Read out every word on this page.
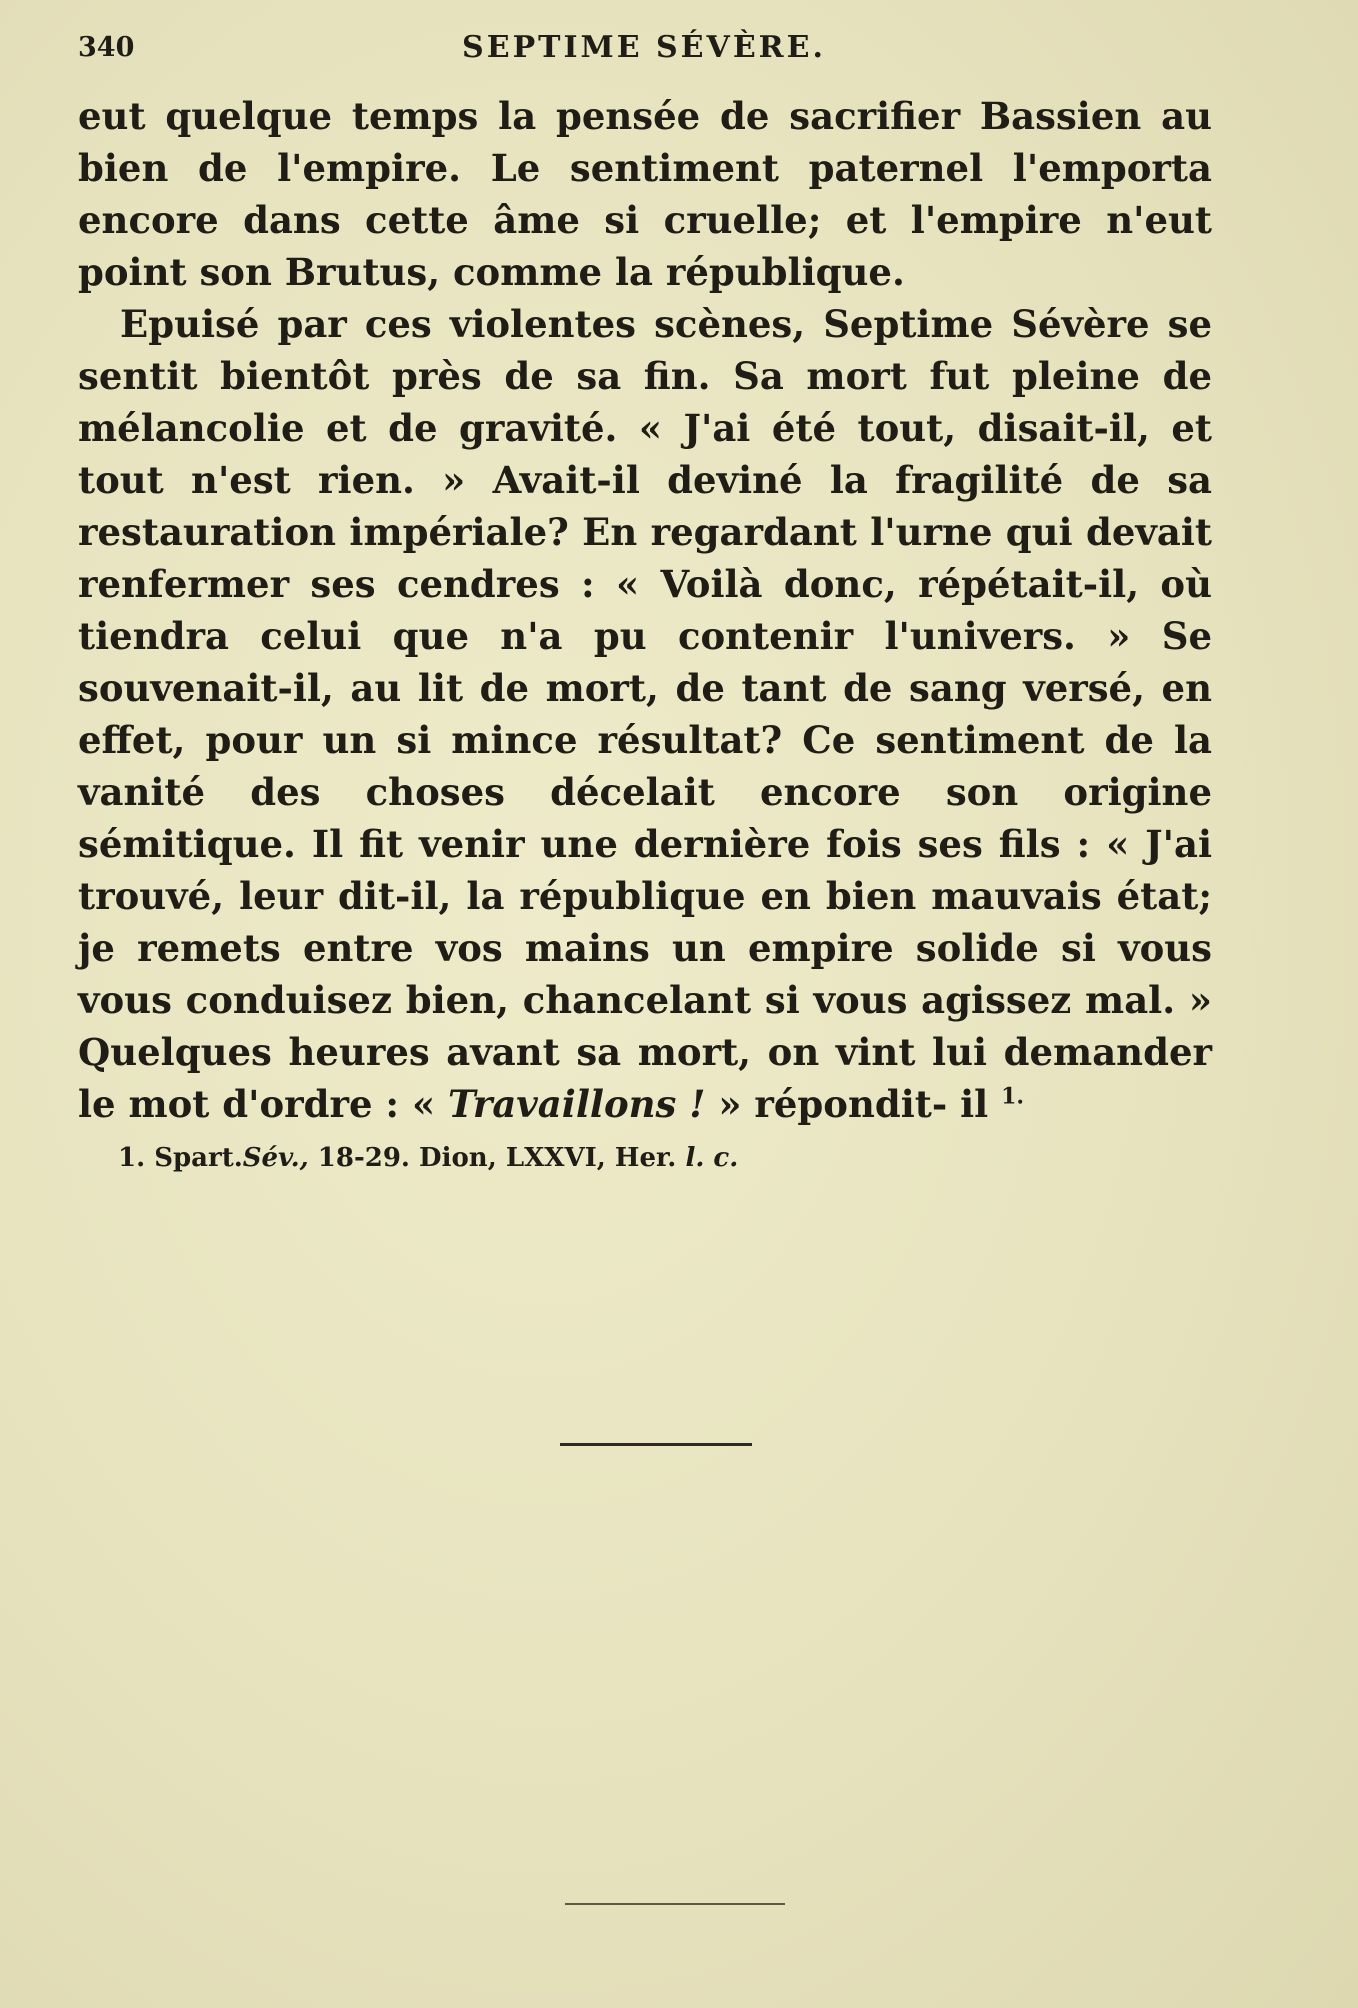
340	SEPTIME SÉVÈRE.

eut quelque temps la pensée de sacrifier Bassien au bien de l'empire. Le sentiment paternel l'emporta encore dans cette âme si cruelle; et l'empire n'eut point son Brutus, comme la république.

Epuisé par ces violentes scènes, Septime Sévère se sentit bientôt près de sa fin. Sa mort fut pleine de mélancolie et de gravité. « J'ai été tout, disait-il, et tout n'est rien. » Avait-il deviné la fragilité de sa restauration impériale? En regardant l'urne qui devait renfermer ses cendres : « Voilà donc, répétait-il, où tiendra celui que n'a pu contenir l'univers. » Se souvenait-il, au lit de mort, de tant de sang versé, en effet, pour un si mince résultat? Ce sentiment de la vanité des choses décelait encore son origine sémitique. Il fit venir une dernière fois ses fils : « J'ai trouvé, leur dit-il, la république en bien mauvais état; je remets entre vos mains un empire solide si vous vous conduisez bien, chancelant si vous agissez mal. » Quelques heures avant sa mort, on vint lui demander le mot d'ordre : « Travaillons ! » répondit- il $^{1.}$

1. Spart.Sév., 18-29. Dion, LXXVI, Her. l. c.
